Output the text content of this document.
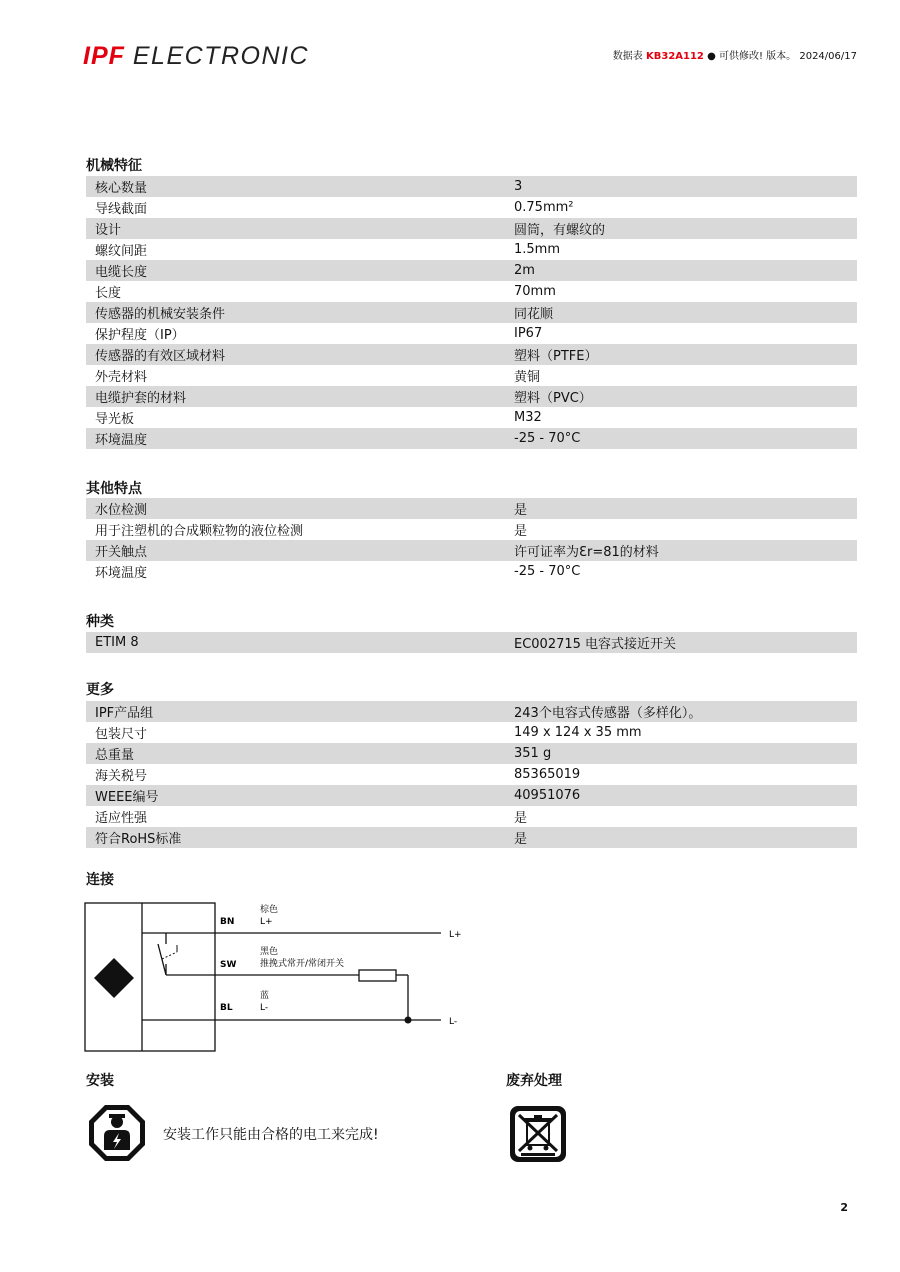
IPF ELECTRONIC	数据表 KB32A112 ● 可供修改! 版本。 2024/06/17
机械特征
核心数量	3
导线截面	0.75mm²
设计	圆筒，有螺纹的
螺纹间距	1.5mm
电缆长度	2m
长度	70mm
传感器的机械安装条件	同花顺
保护程度（IP）	IP67
传感器的有效区域材料	塑料（PTFE）
外壳材料	黄铜
电缆护套的材料	塑料（PVC）
导光板	M32
环境温度	-25 - 70°C
其他特点
水位检测	是
用于注塑机的合成颗粒物的液位检测	是
开关触点	许可证率为Ɛr=81的材料
环境温度	-25 - 70°C
种类
ETIM 8	EC002715 电容式接近开关
更多
IPF产品组	243个电容式传感器（多样化）。
包装尺寸	149 x 124 x 35 mm
总重量	351 g
海关税号	85365019
WEEE编号	40951076
适应性强	是
符合RoHS标准	是
连接
BN
棕色
L+
SW
黑色
推挽式常开/常闭开关
BL
蓝
L-
L+
L-
安装
安装工作只能由合格的电工来完成!
废弃处理
2
